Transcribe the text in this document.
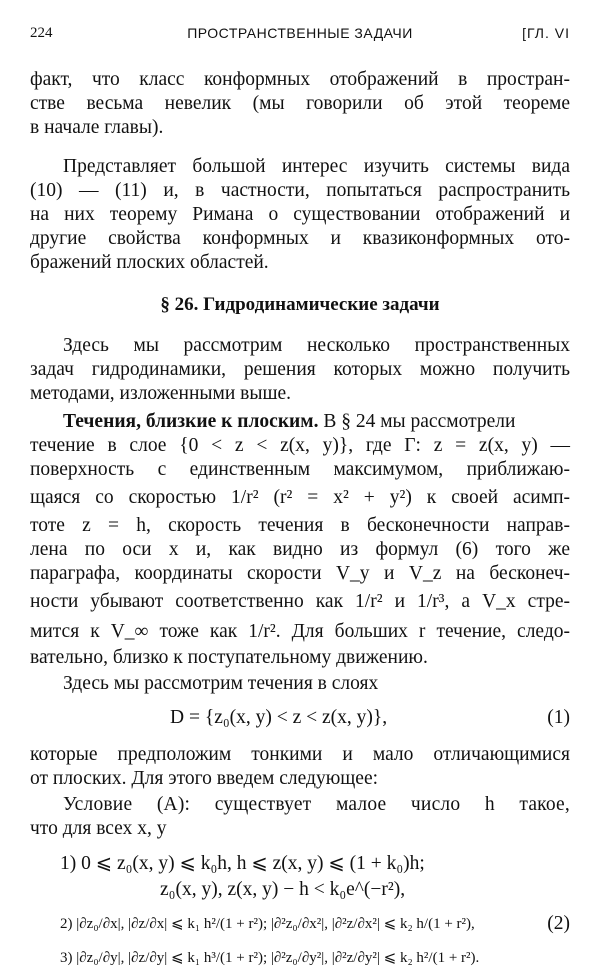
224	ПРОСТРАНСТВЕННЫЕ ЗАДАЧИ	[ГЛ. VI
факт, что класс конформных отображений в простран-
стве весьма невелик (мы говорили об этой теореме
в начале главы).
Представляет большой интерес изучить системы вида
(10) — (11) и, в частности, попытаться распространить
на них теорему Римана о существовании отображений и
другие свойства конформных и квазиконформных ото-
бражений плоских областей.
§ 26. Гидродинамические задачи
Здесь мы рассмотрим несколько пространственных
задач гидродинамики, решения которых можно получить
методами, изложенными выше.
Течения, близкие к плоским. В § 24 мы рассмотрели
течение в слое {0 < z < z(x, y)}, где Γ: z = z(x, y) —
поверхность с единственным максимумом, приближаю-
щаяся со скоростью 1/r² (r² = x² + y²) к своей асимп-
тоте z = h, скорость течения в бесконечности направ-
лена по оси x и, как видно из формул (6) того же
параграфа, координаты скорости V_y и V_z на бесконеч-
ности убывают соответственно как 1/r² и 1/r³, а V_x стре-
мится к V_∞ тоже как 1/r². Для больших r течение, следо-
вательно, близко к поступательному движению.
Здесь мы рассмотрим течения в слоях
D = {z₀(x, y) < z < z(x, y)},	(1)
которые предположим тонкими и мало отличающимися
от плоских. Для этого введем следующее:
Условие (А): существует малое число h такое,
что для всех x, y
1) 0 ⩽ z₀(x, y) ⩽ k₀h, h ⩽ z(x, y) ⩽ (1 + k₀)h;
z₀(x, y), z(x, y) − h < k₀e^(−r²),
2) |∂z₀/∂x|, |∂z/∂x| ⩽ k₁ h²/(1 + r²); |∂²z₀/∂x²|, |∂²z/∂x²| ⩽ k₂ h/(1 + r²),	(2)
3) |∂z₀/∂y|, |∂z/∂y| ⩽ k₁ h³/(1 + r²); |∂²z₀/∂y²|, |∂²z/∂y²| ⩽ k₂ h²/(1 + r²).
